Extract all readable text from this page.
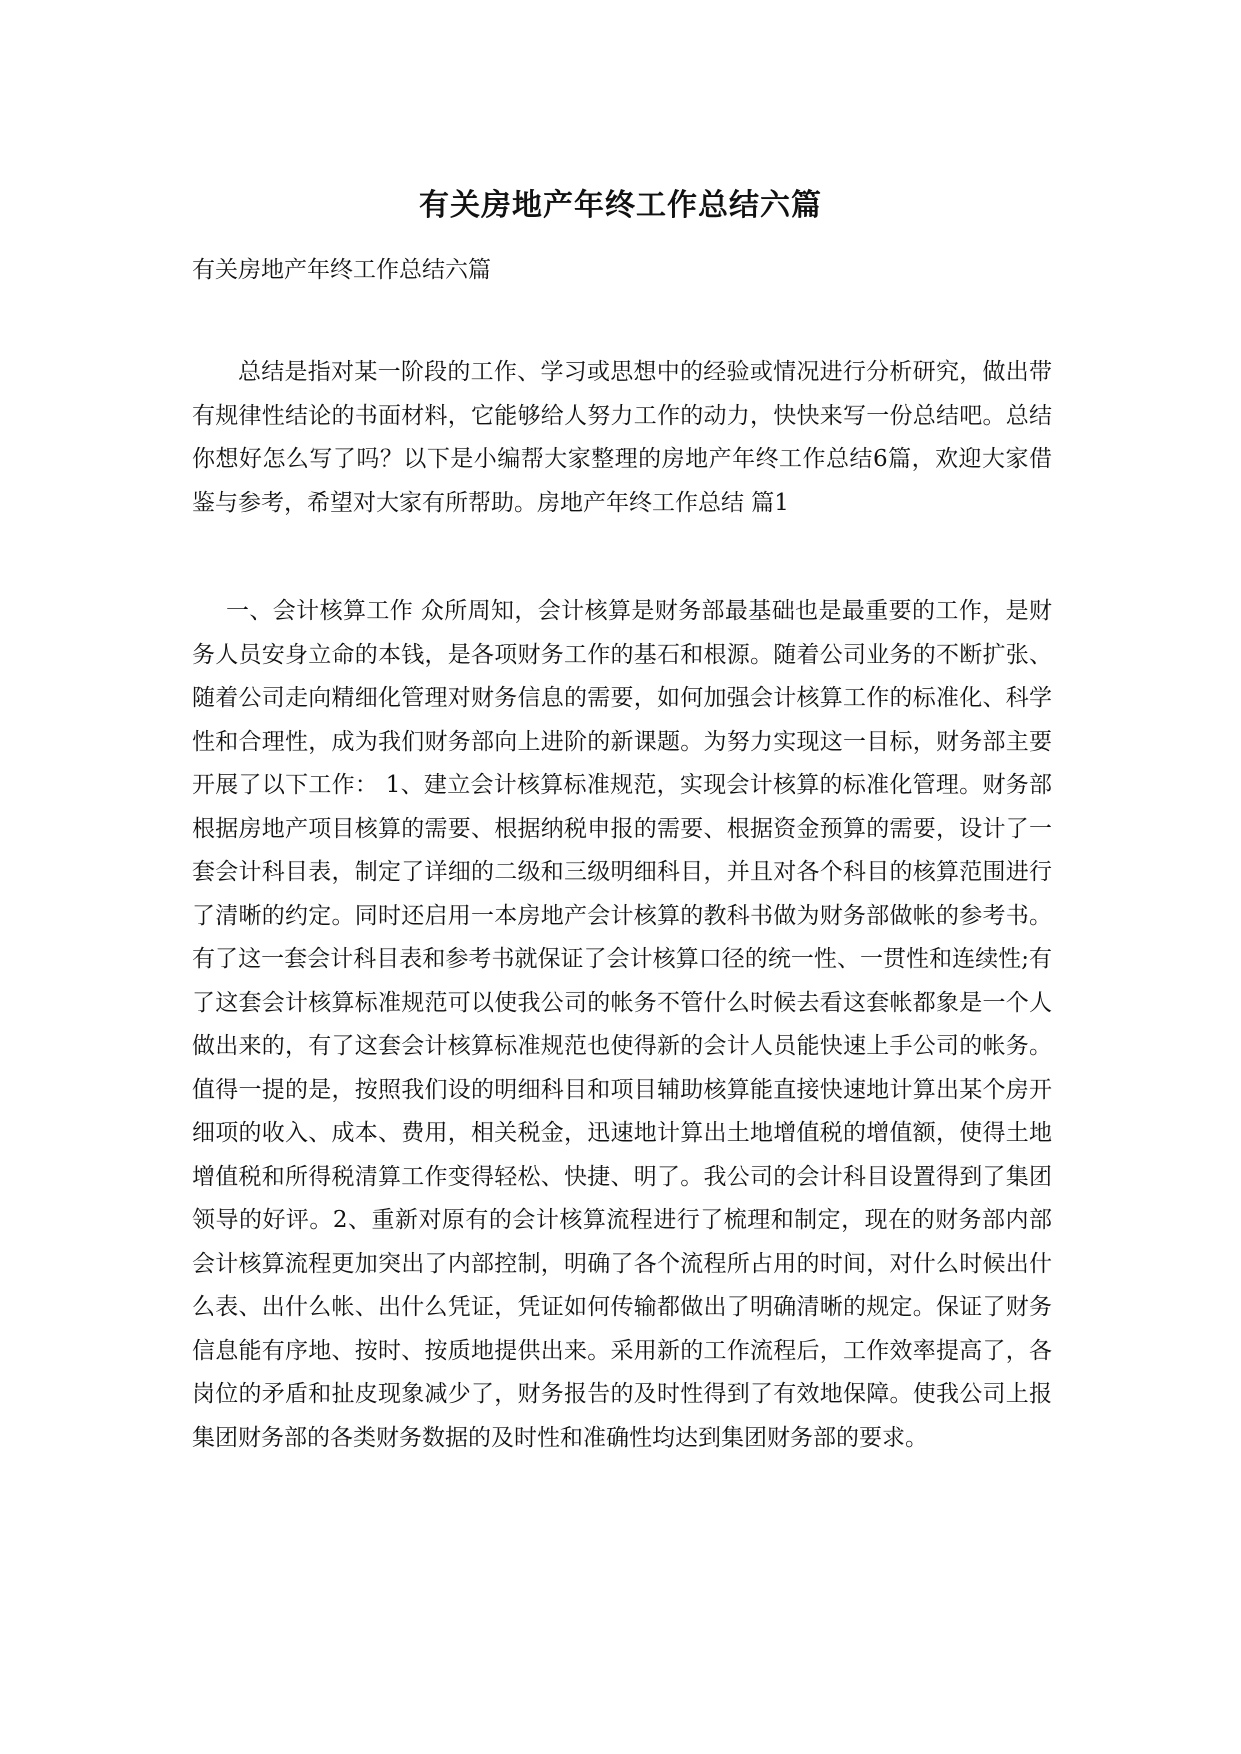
有关房地产年终工作总结六篇
有关房地产年终工作总结六篇

总结是指对某一阶段的工作、学习或思想中的经验或情况进行分析研究，做出带有规律性结论的书面材料，它能够给人努力工作的动力，快快来写一份总结吧。总结你想好怎么写了吗？以下是小编帮大家整理的房地产年终工作总结6篇，欢迎大家借鉴与参考，希望对大家有所帮助。房地产年终工作总结 篇1

一、会计核算工作 众所周知，会计核算是财务部最基础也是最重要的工作，是财务人员安身立命的本钱，是各项财务工作的基石和根源。随着公司业务的不断扩张、随着公司走向精细化管理对财务信息的需要，如何加强会计核算工作的标准化、科学性和合理性，成为我们财务部向上进阶的新课题。为努力实现这一目标，财务部主要开展了以下工作： 1、建立会计核算标准规范，实现会计核算的标准化管理。财务部根据房地产项目核算的需要、根据纳税申报的需要、根据资金预算的需要，设计了一套会计科目表，制定了详细的二级和三级明细科目，并且对各个科目的核算范围进行了清晰的约定。同时还启用一本房地产会计核算的教科书做为财务部做帐的参考书。有了这一套会计科目表和参考书就保证了会计核算口径的统一性、一贯性和连续性;有了这套会计核算标准规范可以使我公司的帐务不管什么时候去看这套帐都象是一个人做出来的，有了这套会计核算标准规范也使得新的会计人员能快速上手公司的帐务。值得一提的是，按照我们设的明细科目和项目辅助核算能直接快速地计算出某个房开细项的收入、成本、费用，相关税金，迅速地计算出土地增值税的增值额，使得土地增值税和所得税清算工作变得轻松、快捷、明了。我公司的会计科目设置得到了集团领导的好评。2、重新对原有的会计核算流程进行了梳理和制定，现在的财务部内部会计核算流程更加突出了内部控制，明确了各个流程所占用的时间，对什么时候出什么表、出什么帐、出什么凭证，凭证如何传输都做出了明确清晰的规定。保证了财务信息能有序地、按时、按质地提供出来。采用新的工作流程后，工作效率提高了，各岗位的矛盾和扯皮现象减少了，财务报告的及时性得到了有效地保障。使我公司上报集团财务部的各类财务数据的及时性和准确性均达到集团财务部的要求。
